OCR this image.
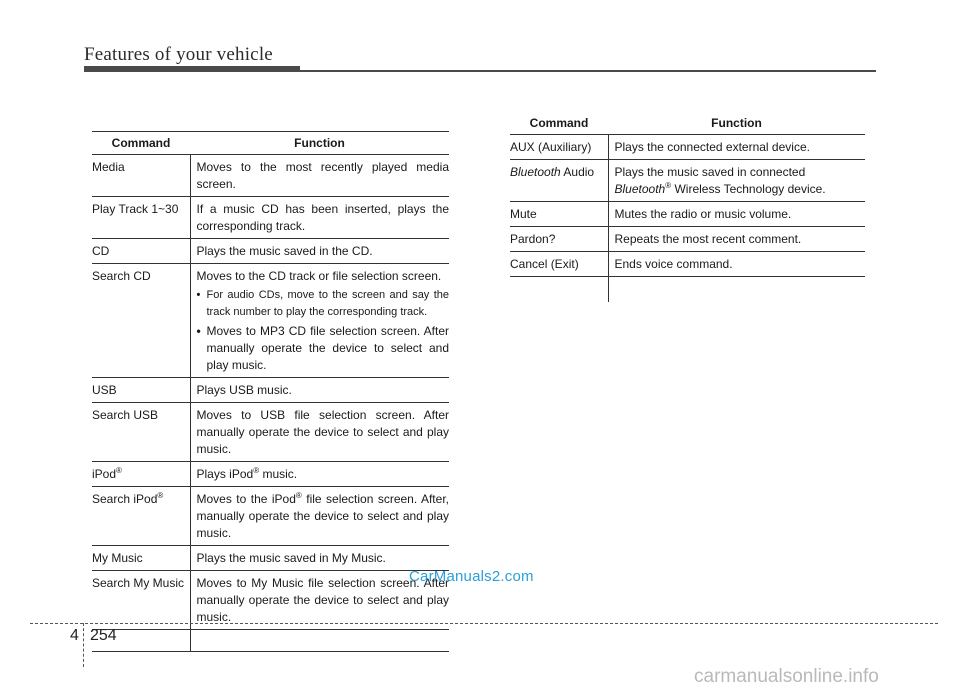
Features of your vehicle
Command	Function
Media	Moves to the most recently played media screen.
Play Track 1~30	If a music CD has been inserted, plays the corresponding track.
CD	Plays the music saved in the CD.
Search CD	Moves to the CD track or file selection screen.
• For audio CDs, move to the screen and say the track number to play the corresponding track.
• Moves to MP3 CD file selection screen. After manually operate the device to select and play music.

USB	Plays USB music.
Search USB	Moves to USB file selection screen. After manually operate the device to select and play music.
iPod®	Plays iPod® music.
Search iPod®	Moves to the iPod® file selection screen. After, manually operate the device to select and play music.
My Music	Plays the music saved in My Music.
Search My Music	Moves to My Music file selection screen. After manually operate the device to select and play music.

Command	Function
AUX (Auxiliary)	Plays the connected external device.
Bluetooth Audio	Plays the music saved in connected
Bluetooth® Wireless Technology device.
Mute	Mutes the radio or music volume.
Pardon?	Repeats the most recent comment.
Cancel (Exit)	Ends voice command.

CarManuals2.com
4 254
carmanualsonline.info
